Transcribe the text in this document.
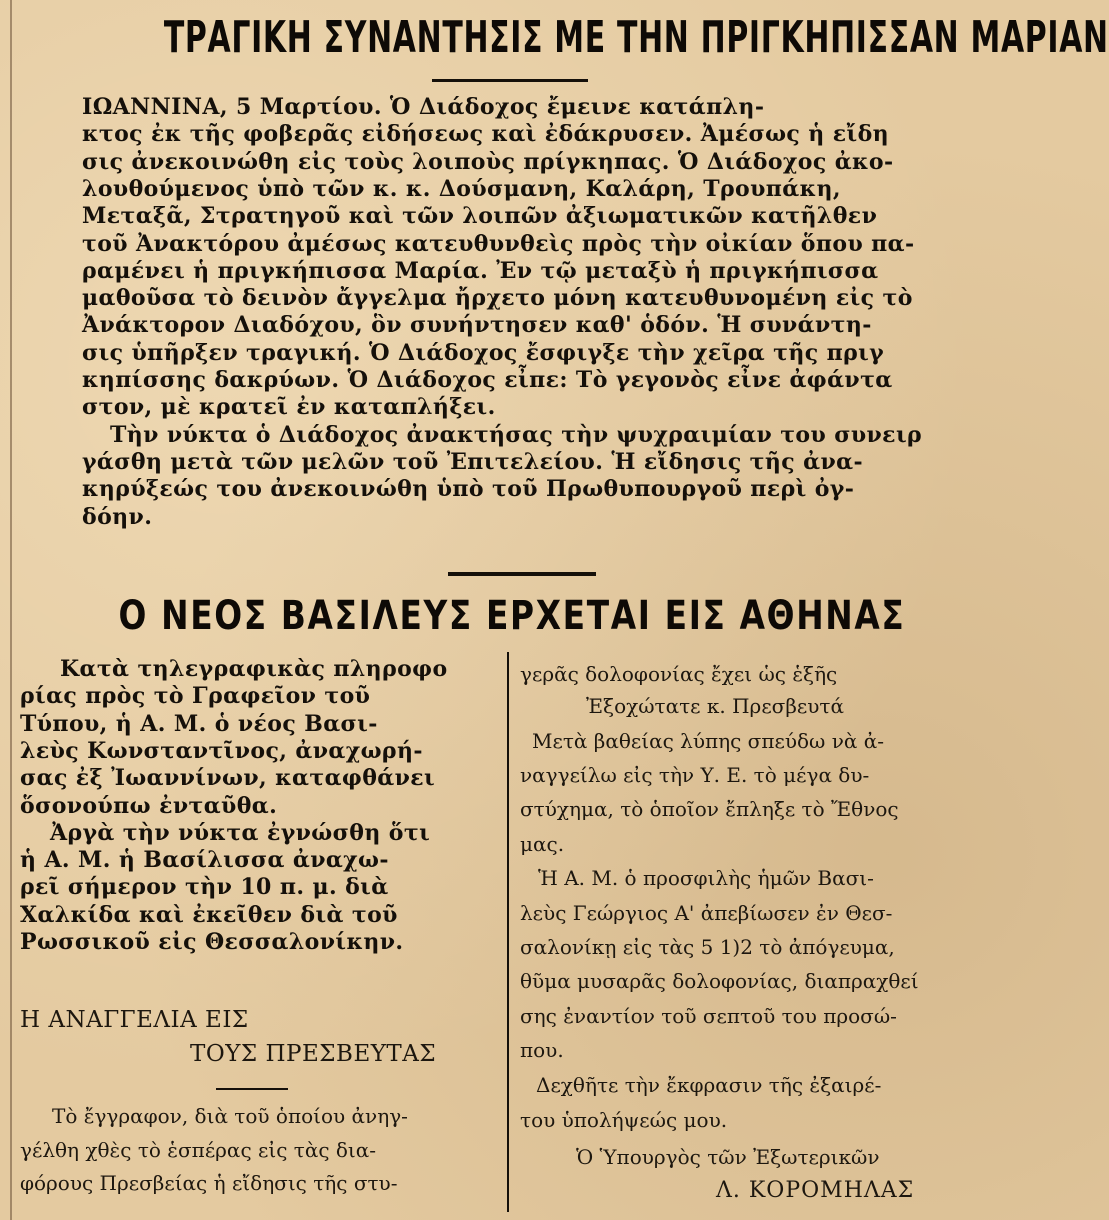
ΤΡΑΓΙΚΗ ΣΥΝΑΝΤΗΣΙΣ ΜΕ ΤΗΝ ΠΡΙΓΚΗΠΙΣΣΑΝ ΜΑΡΙΑΝ
ΙΩΑΝΝΙΝΑ, 5 Μαρτίου. Ὁ Διάδοχος ἔμεινε κατάπλη-
κτος ἐκ τῆς φοβερᾶς εἰδήσεως καὶ ἐδάκρυσεν. Ἀμέσως ἡ εἴδη
σις ἀνεκοινώθη εἰς τοὺς λοιποὺς πρίγκηπας. Ὁ Διάδοχος ἀκο-
λουθούμενος ὑπὸ τῶν κ. κ. Δούσμανη, Καλάρη, Τρουπάκη,
Μεταξᾶ, Στρατηγοῦ καὶ τῶν λοιπῶν ἀξιωματικῶν κατῆλθεν
τοῦ Ἀνακτόρου ἀμέσως κατευθυνθεὶς πρὸς τὴν οἰκίαν ὅπου πα-
ραμένει ἡ πριγκήπισσα Μαρία. Ἐν τῷ μεταξὺ ἡ πριγκήπισσα
μαθοῦσα τὸ δεινὸν ἄγγελμα ἤρχετο μόνη κατευθυνομένη εἰς τὸ
Ἀνάκτορον Διαδόχου, ὃν συνήντησεν καθ' ὁδόν. Ἡ συνάντη-
σις ὑπῆρξεν τραγική. Ὁ Διάδοχος ἔσφιγξε τὴν χεῖρα τῆς πριγ
κηπίσσης δακρύων. Ὁ Διάδοχος εἶπε: Τὸ γεγονὸς εἶνε ἀφάντα
στον, μὲ κρατεῖ ἐν καταπλήξει.
Τὴν νύκτα ὁ Διάδοχος ἀνακτήσας τὴν ψυχραιμίαν του συνειρ
γάσθη μετὰ τῶν μελῶν τοῦ Ἐπιτελείου. Ἡ εἴδησις τῆς ἀνα-
κηρύξεώς του ἀνεκοινώθη ὑπὸ τοῦ Πρωθυπουργοῦ περὶ ὀγ-
δόην.
Ο ΝΕΟΣ ΒΑΣΙΛΕΥΣ ΕΡΧΕΤΑΙ ΕΙΣ ΑΘΗΝΑΣ
Κατὰ τηλεγραφικὰς πληροφο
ρίας πρὸς τὸ Γραφεῖον τοῦ
Τύπου, ἡ Α. Μ. ὁ νέος Βασι-
λεὺς Κωνσταντῖνος, ἀναχωρή-
σας ἐξ Ἰωαννίνων, καταφθάνει
ὅσονούπω ἐνταῦθα.
Ἀργὰ τὴν νύκτα ἐγνώσθη ὅτι
ἡ Α. Μ. ἡ Βασίλισσα ἀναχω-
ρεῖ σήμερον τὴν 10 π. μ. διὰ
Χαλκίδα καὶ ἐκεῖθεν διὰ τοῦ
Ρωσσικοῦ εἰς Θεσσαλονίκην.
Η ΑΝΑΓΓΕΛΙΑ ΕΙΣ
ΤΟΥΣ ΠΡΕΣΒΕΥΤΑΣ
Τὸ ἔγγραφον, διὰ τοῦ ὁποίου ἀνηγ-
γέλθη χθὲς τὸ ἑσπέρας εἰς τὰς δια-
φόρους Πρεσβείας ἡ εἴδησις τῆς στυ-
γερᾶς δολοφονίας ἔχει ὡς ἑξῆς
Ἐξοχώτατε κ. Πρεσβευτά
Μετὰ βαθείας λύπης σπεύδω νὰ ἀ-
ναγγείλω εἰς τὴν Υ. Ε. τὸ μέγα δυ-
στύχημα, τὸ ὁποῖον ἔπληξε τὸ Ἔθνος
μας.
Ἡ Α. Μ. ὁ προσφιλὴς ἡμῶν Βασι-
λεὺς Γεώργιος Α' ἀπεβίωσεν ἐν Θεσ-
σαλονίκῃ εἰς τὰς 5 1)2 τὸ ἀπόγευμα,
θῦμα μυσαρᾶς δολοφονίας, διαπραχθεί
σης ἐναντίον τοῦ σεπτοῦ του προσώ-
που.
Δεχθῆτε τὴν ἔκφρασιν τῆς ἐξαιρέ-
του ὑπολήψεώς μου.
Ὁ Ὑπουργὸς τῶν Ἐξωτερικῶν
Λ. ΚΟΡΟΜΗΛΑΣ
